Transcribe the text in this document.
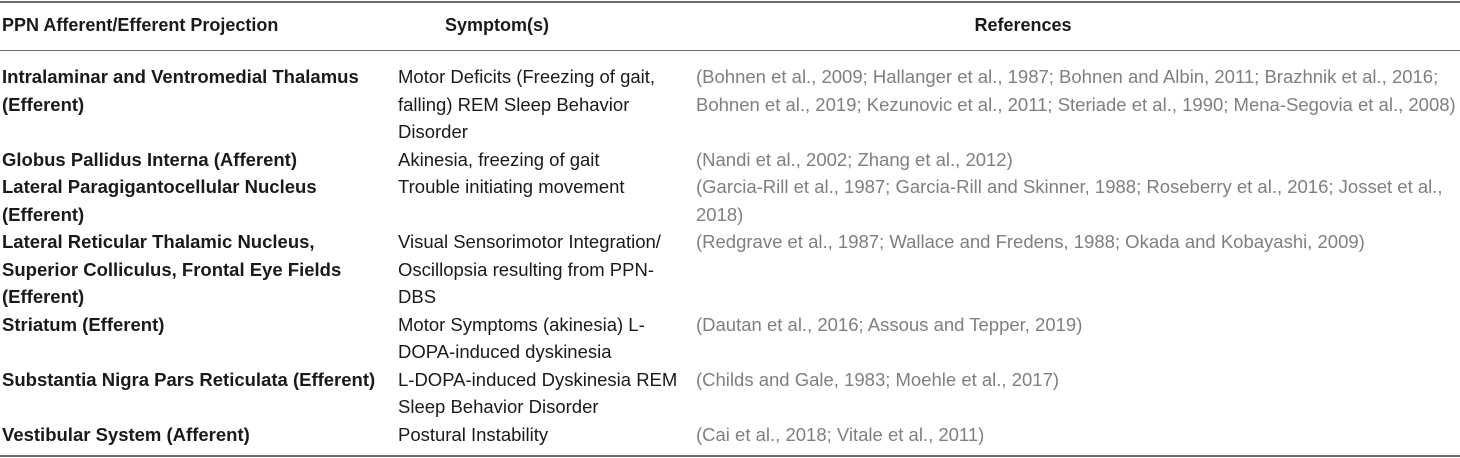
PPN Afferent/Efferent Projection	Symptom(s)	References
Intralaminar and Ventromedial Thalamus (Efferent)	Motor Deficits (Freezing of gait, falling) REM Sleep Behavior Disorder	(Bohnen et al., 2009; Hallanger et al., 1987; Bohnen and Albin, 2011; Brazhnik et al., 2016; Bohnen et al., 2019; Kezunovic et al., 2011; Steriade et al., 1990; Mena-Segovia et al., 2008)
Globus Pallidus Interna (Afferent)	Akinesia, freezing of gait	(Nandi et al., 2002; Zhang et al., 2012)
Lateral Paragigantocellular Nucleus (Efferent)	Trouble initiating movement	(Garcia-Rill et al., 1987; Garcia-Rill and Skinner, 1988; Roseberry et al., 2016; Josset et al., 2018)
Lateral Reticular Thalamic Nucleus, Superior Colliculus, Frontal Eye Fields (Efferent)	Visual Sensorimotor Integration/ Oscillopsia resulting from PPN-DBS	(Redgrave et al., 1987; Wallace and Fredens, 1988; Okada and Kobayashi, 2009)
Striatum (Efferent)	Motor Symptoms (akinesia) L-DOPA-induced dyskinesia	(Dautan et al., 2016; Assous and Tepper, 2019)
Substantia Nigra Pars Reticulata (Efferent)	L-DOPA-induced Dyskinesia REM Sleep Behavior Disorder	(Childs and Gale, 1983; Moehle et al., 2017)
Vestibular System (Afferent)	Postural Instability	(Cai et al., 2018; Vitale et al., 2011)
